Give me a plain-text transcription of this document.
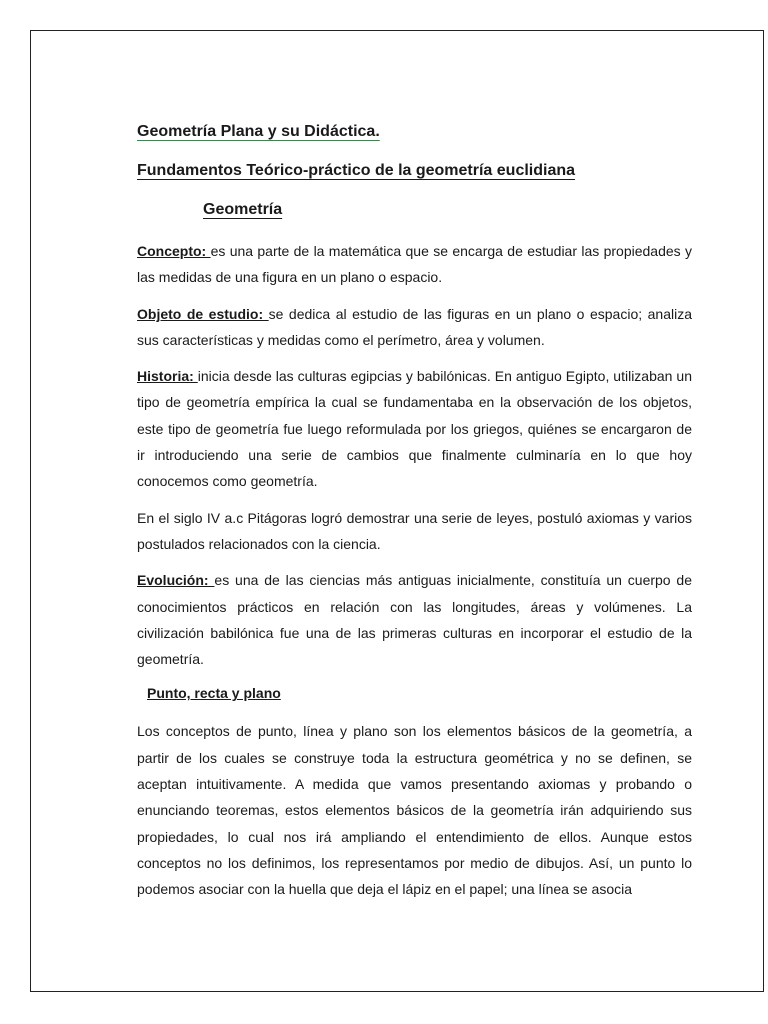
Geometría Plana y su Didáctica.
Fundamentos Teórico-práctico de la geometría euclidiana
Geometría

Concepto: es una parte de la matemática que se encarga de estudiar las propiedades y las medidas de una figura en un plano o espacio.

Objeto de estudio: se dedica al estudio de las figuras en un plano o espacio; analiza sus características y medidas como el perímetro, área y volumen.

Historia: inicia desde las culturas egipcias y babilónicas. En antiguo Egipto, utilizaban un tipo de geometría empírica la cual se fundamentaba en la observación de los objetos, este tipo de geometría fue luego reformulada por los griegos, quiénes se encargaron de ir introduciendo una serie de cambios que finalmente culminaría en lo que hoy conocemos como geometría.

En el siglo IV a.c Pitágoras logró demostrar una serie de leyes, postuló axiomas y varios postulados relacionados con la ciencia.

Evolución: es una de las ciencias más antiguas inicialmente, constituía un cuerpo de conocimientos prácticos en relación con las longitudes, áreas y volúmenes. La civilización babilónica fue una de las primeras culturas en incorporar el estudio de la geometría.

Punto, recta y plano

Los conceptos de punto, línea y plano son los elementos básicos de la geometría, a partir de los cuales se construye toda la estructura geométrica y no se definen, se aceptan intuitivamente. A medida que vamos presentando axiomas y probando o enunciando teoremas, estos elementos básicos de la geometría irán adquiriendo sus propiedades, lo cual nos irá ampliando el entendimiento de ellos. Aunque estos conceptos no los definimos, los representamos por medio de dibujos. Así, un punto lo podemos asociar con la huella que deja el lápiz en el papel; una línea se asocia
